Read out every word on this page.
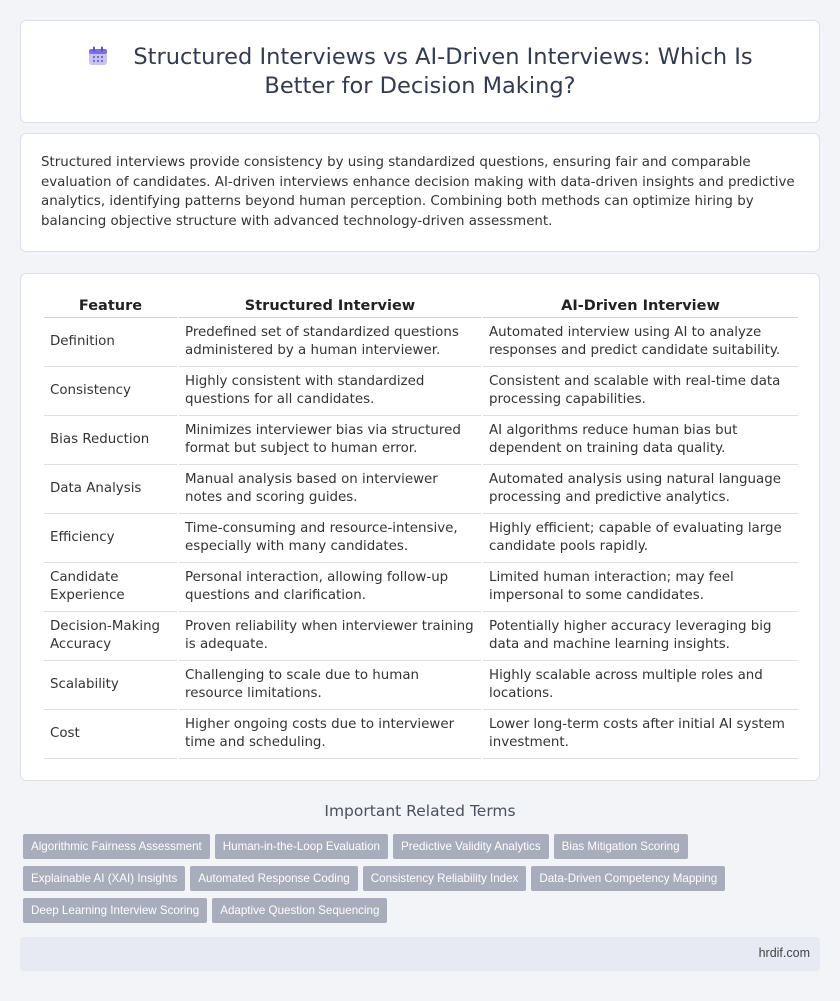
Structured Interviews vs AI-Driven Interviews: Which Is Better for Decision Making?

Structured interviews provide consistency by using standardized questions, ensuring fair and comparable evaluation of candidates. AI-driven interviews enhance decision making with data-driven insights and predictive analytics, identifying patterns beyond human perception. Combining both methods can optimize hiring by balancing objective structure with advanced technology-driven assessment.

Feature	Structured Interview	AI-Driven Interview
Definition	Predefined set of standardized questions administered by a human interviewer.	Automated interview using AI to analyze responses and predict candidate suitability.
Consistency	Highly consistent with standardized questions for all candidates.	Consistent and scalable with real-time data processing capabilities.
Bias Reduction	Minimizes interviewer bias via structured format but subject to human error.	AI algorithms reduce human bias but dependent on training data quality.
Data Analysis	Manual analysis based on interviewer notes and scoring guides.	Automated analysis using natural language processing and predictive analytics.
Efficiency	Time-consuming and resource-intensive, especially with many candidates.	Highly efficient; capable of evaluating large candidate pools rapidly.
Candidate Experience	Personal interaction, allowing follow-up questions and clarification.	Limited human interaction; may feel impersonal to some candidates.
Decision-Making Accuracy	Proven reliability when interviewer training is adequate.	Potentially higher accuracy leveraging big data and machine learning insights.
Scalability	Challenging to scale due to human resource limitations.	Highly scalable across multiple roles and locations.
Cost	Higher ongoing costs due to interviewer time and scheduling.	Lower long-term costs after initial AI system investment.
Important Related Terms
Algorithmic Fairness Assessment Human-in-the-Loop Evaluation Predictive Validity Analytics Bias Mitigation Scoring
Explainable AI (XAI) Insights Automated Response Coding Consistency Reliability Index Data-Driven Competency Mapping
Deep Learning Interview Scoring Adaptive Question Sequencing
hrdif.com
